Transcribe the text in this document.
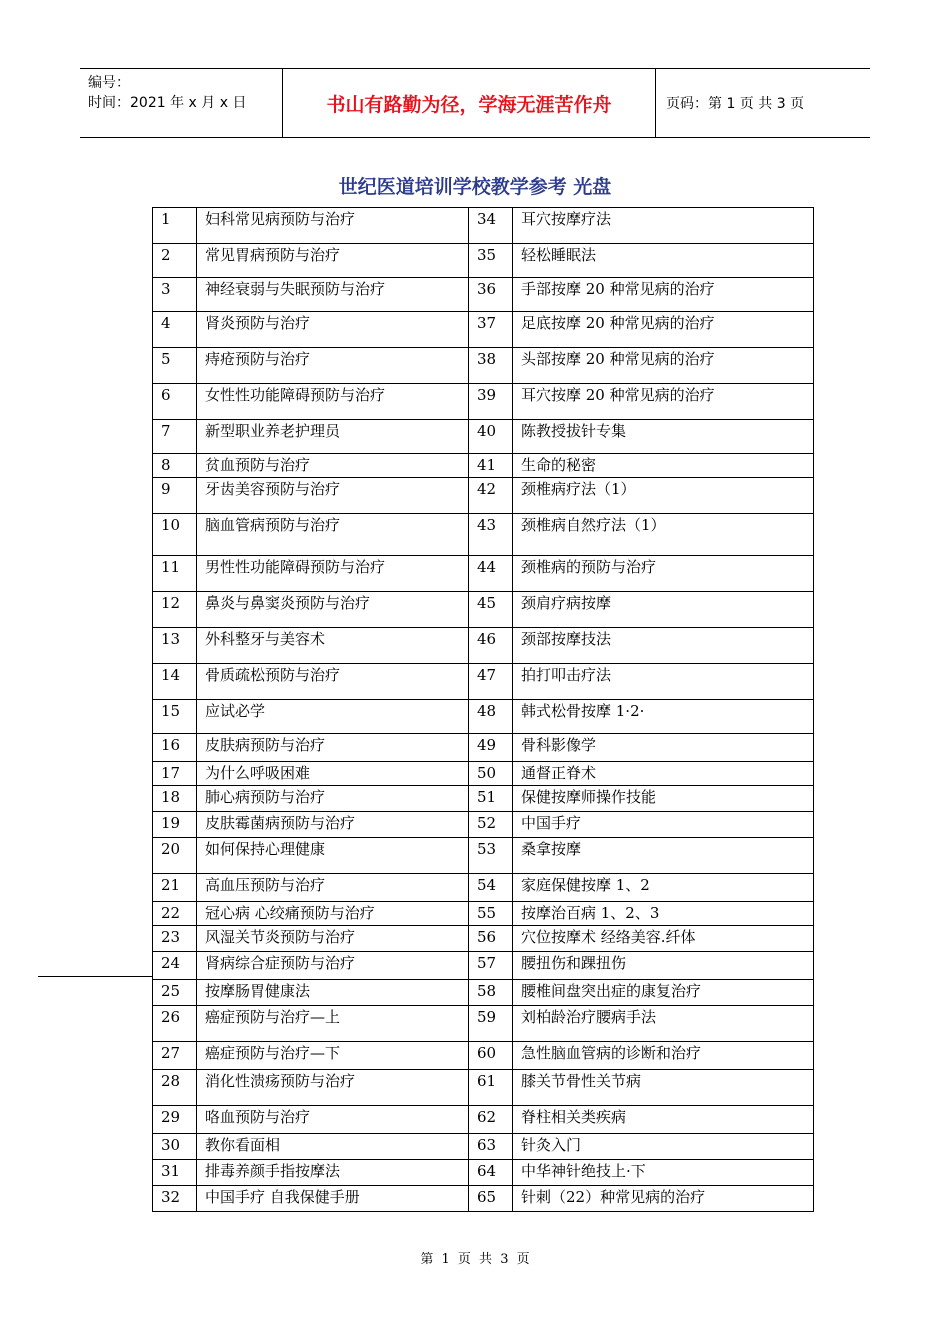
编号：
时间：2021 年 x 月 x 日	书山有路勤为径，学海无涯苦作舟	页码：第 1 页 共 3 页
世纪医道培训学校教学参考 光盘
1	妇科常见病预防与治疗	34	耳穴按摩疗法
2	常见胃病预防与治疗	35	轻松睡眠法
3	神经衰弱与失眠预防与治疗	36	手部按摩 20 种常见病的治疗
4	肾炎预防与治疗	37	足底按摩 20 种常见病的治疗
5	痔疮预防与治疗	38	头部按摩 20 种常见病的治疗
6	女性性功能障碍预防与治疗	39	耳穴按摩 20 种常见病的治疗
7	新型职业养老护理员	40	陈教授拔针专集
8	贫血预防与治疗	41	生命的秘密
9	牙齿美容预防与治疗	42	颈椎病疗法（1）
10	脑血管病预防与治疗	43	颈椎病自然疗法（1）
11	男性性功能障碍预防与治疗	44	颈椎病的预防与治疗
12	鼻炎与鼻窦炎预防与治疗	45	颈肩疗病按摩
13	外科整牙与美容术	46	颈部按摩技法
14	骨质疏松预防与治疗	47	拍打叩击疗法
15	应试必学	48	韩式松骨按摩 1·2·
16	皮肤病预防与治疗	49	骨科影像学
17	为什么呼吸困难	50	通督正脊术
18	肺心病预防与治疗	51	保健按摩师操作技能
19	皮肤霉菌病预防与治疗	52	中国手疗
20	如何保持心理健康	53	桑拿按摩
21	高血压预防与治疗	54	家庭保健按摩 1、2
22	冠心病 心绞痛预防与治疗	55	按摩治百病 1、2、3
23	风湿关节炎预防与治疗	56	穴位按摩术 经络美容.纤体
24	肾病综合症预防与治疗	57	腰扭伤和踝扭伤
25	按摩肠胃健康法	58	腰椎间盘突出症的康复治疗
26	癌症预防与治疗—上	59	刘柏龄治疗腰病手法
27	癌症预防与治疗—下	60	急性脑血管病的诊断和治疗
28	消化性溃疡预防与治疗	61	膝关节骨性关节病
29	咯血预防与治疗	62	脊柱相关类疾病
30	教你看面相	63	针灸入门
31	排毒养颜手指按摩法	64	中华神针绝技上·下
32	中国手疗 自我保健手册	65	针刺（22）种常见病的治疗
第 1 页 共 3 页
